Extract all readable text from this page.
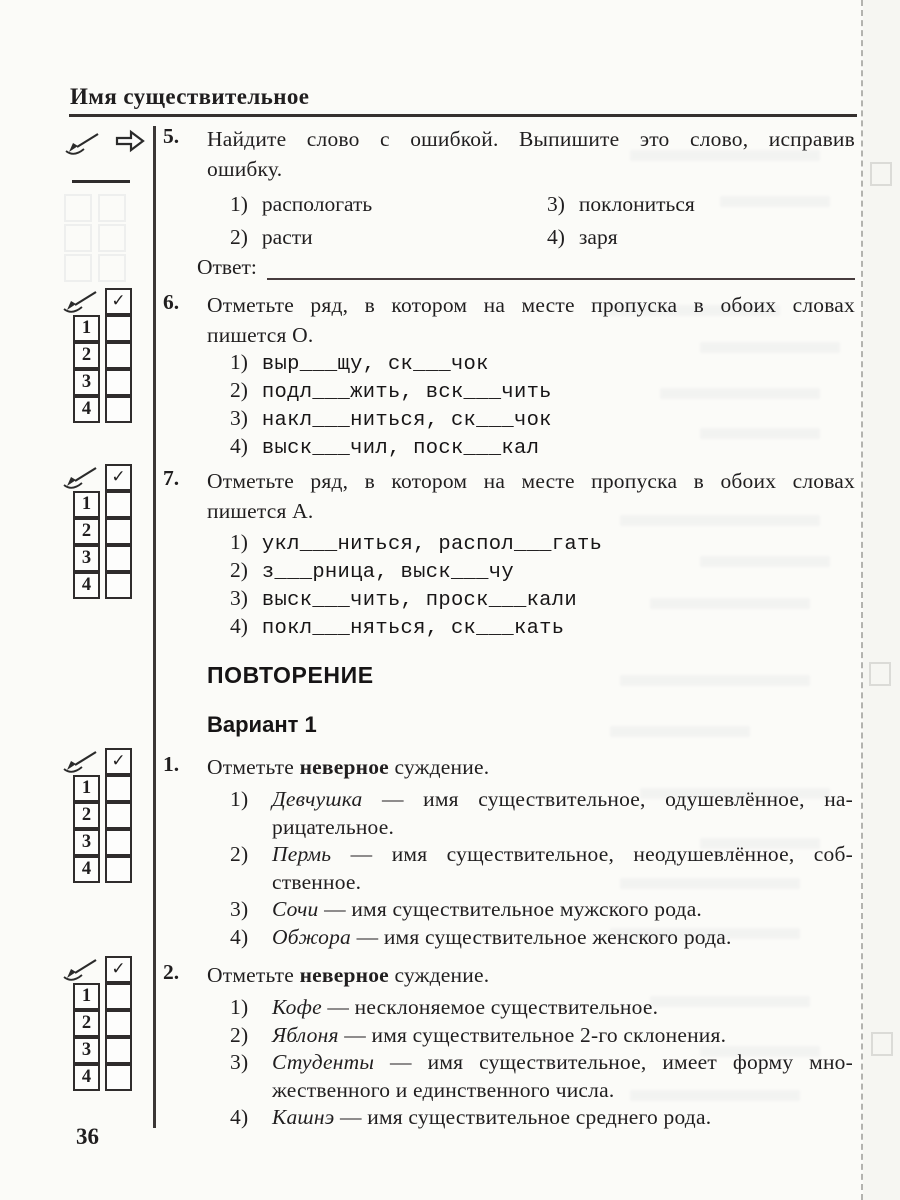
Имя существительное

5. Найдите слово с ошибкой. Выпишите это слово, исправив
ошибку.
1) распологать
2) расти
3) поклониться
4) заря
Ответ:
✓
1
2
3
4
6. Отметьте ряд, в котором на месте пропуска в обоих словах
пишется О.
1) выр___щу, ск___чок
2) подл___жить, вск___чить
3) накл___ниться, ск___чок
4) выск___чил, поск___кал
✓
1
2
3
4
7. Отметьте ряд, в котором на месте пропуска в обоих словах
пишется А.
1) укл___ниться, распол___гать
2) з___рница, выск___чу
3) выск___чить, проск___кали
4) покл___няться, ск___кать
ПОВТОРЕНИЕ
Вариант 1
✓
1
2
3
4
1. Отметьте неверное суждение.
1) Девчушка — имя существительное, одушевлённое, на-
рицательное.
2) Пермь — имя существительное, неодушевлённое, соб-
ственное.
3) Сочи — имя существительное мужского рода.
4) Обжора — имя существительное женского рода.
✓
1
2
3
4
2. Отметьте неверное суждение.
1) Кофе — несклоняемое существительное.
2) Яблоня — имя существительное 2-го склонения.
3) Студенты — имя существительное, имеет форму мно-
жественного и единственного числа.
4) Кашнэ — имя существительное среднего рода.
36
